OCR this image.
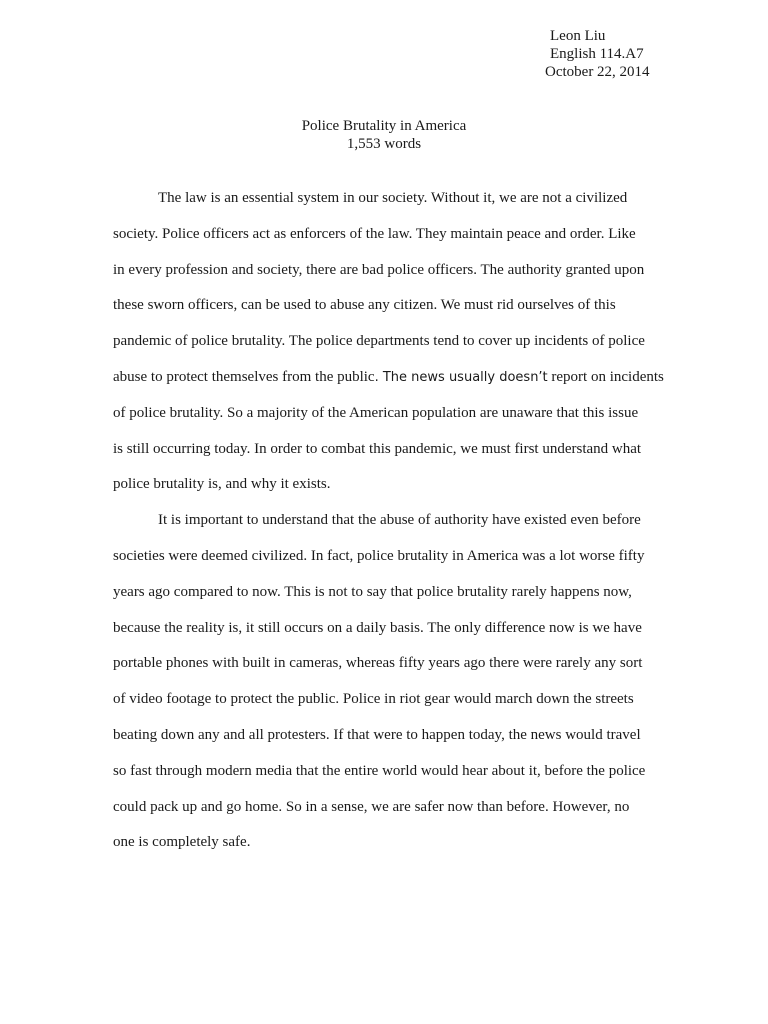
Leon Liu
English 114.A7
October 22, 2014
Police Brutality in America
1,553 words
The law is an essential system in our society. Without it, we are not a civilized
society. Police officers act as enforcers of the law. They maintain peace and order. Like
in every profession and society, there are bad police officers. The authority granted upon
these sworn officers, can be used to abuse any citizen. We must rid ourselves of this
pandemic of police brutality. The police departments tend to cover up incidents of police
abuse to protect themselves from the public. The news usually doesn’t report on incidents
of police brutality. So a majority of the American population are unaware that this issue
is still occurring today. In order to combat this pandemic, we must first understand what
police brutality is, and why it exists.
It is important to understand that the abuse of authority have existed even before
societies were deemed civilized. In fact, police brutality in America was a lot worse fifty
years ago compared to now. This is not to say that police brutality rarely happens now,
because the reality is, it still occurs on a daily basis. The only difference now is we have
portable phones with built in cameras, whereas fifty years ago there were rarely any sort
of video footage to protect the public. Police in riot gear would march down the streets
beating down any and all protesters. If that were to happen today, the news would travel
so fast through modern media that the entire world would hear about it, before the police
could pack up and go home. So in a sense, we are safer now than before. However, no
one is completely safe.
